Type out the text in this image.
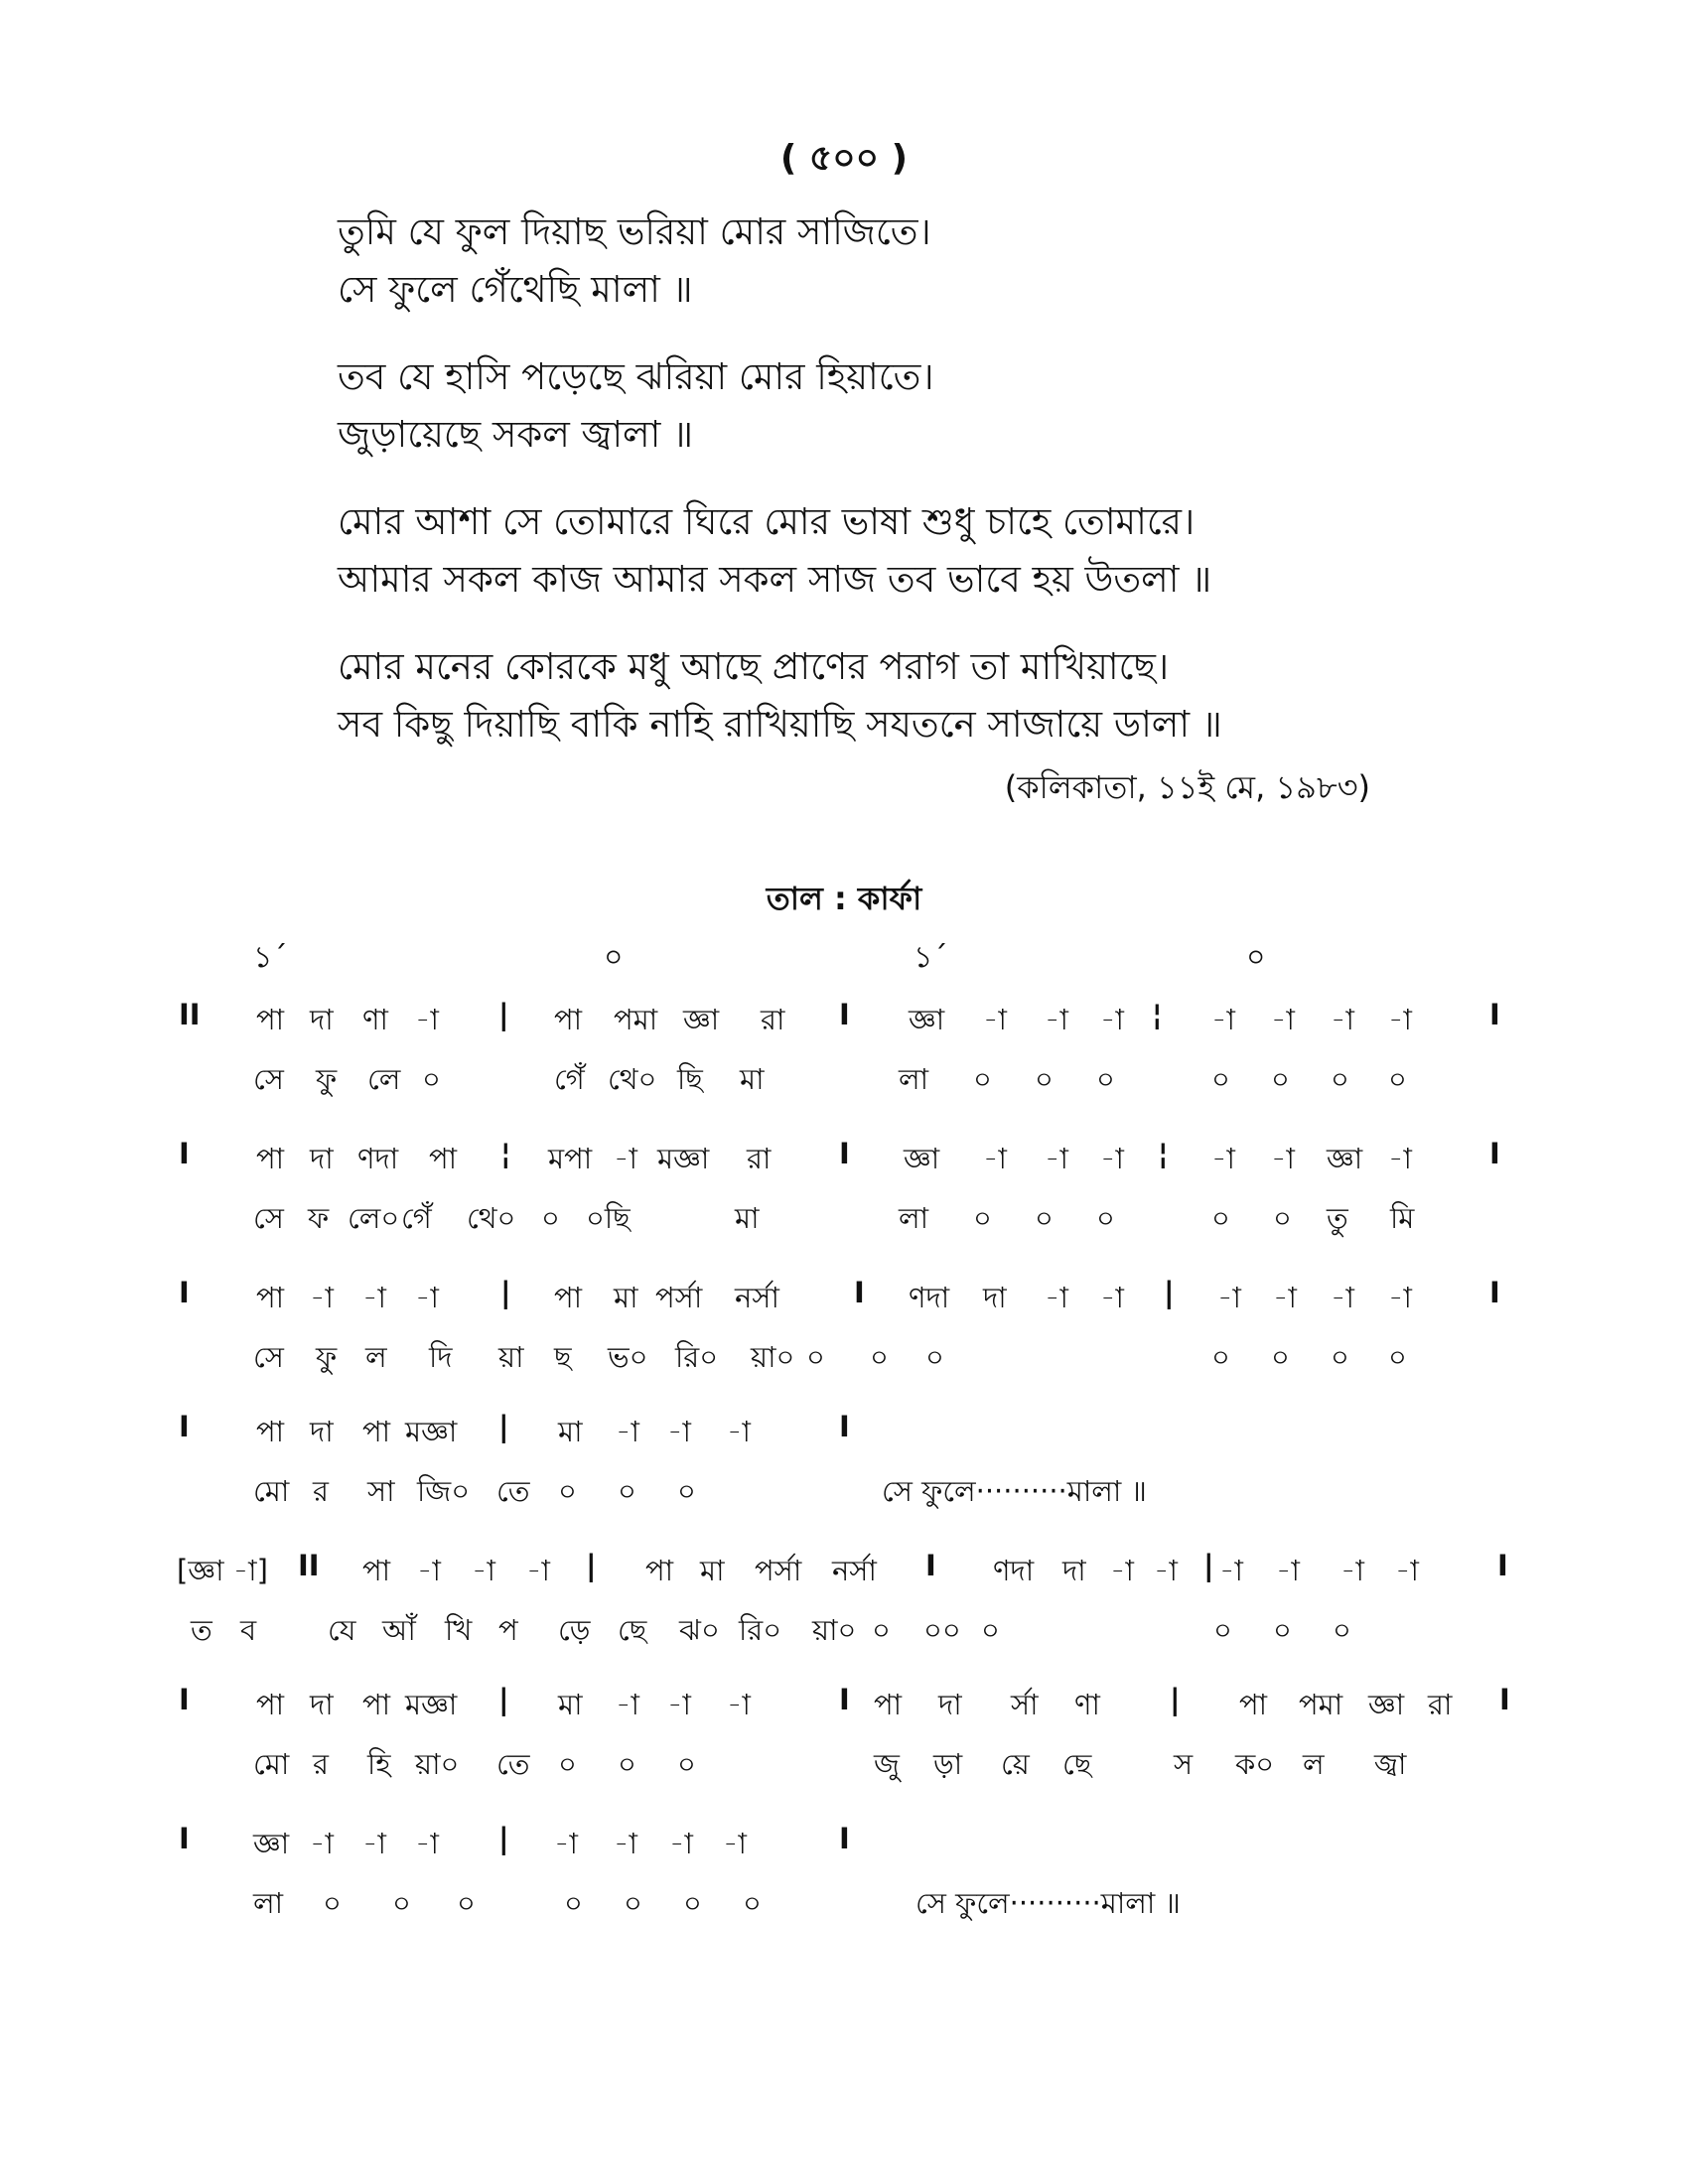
( ৫০০ )
তুমি যে ফুল দিয়াছ ভরিয়া মোর সাজিতে।
সে ফুলে গেঁথেছি মালা ॥
তব যে হাসি পড়েছে ঝরিয়া মোর হিয়াতে।
জুড়ায়েছে সকল জ্বালা ॥
মোর আশা সে তোমারে ঘিরে মোর ভাষা শুধু চাহে তোমারে।
আমার সকল কাজ আমার সকল সাজ তব ভাবে হয় উতলা ॥
মোর মনের কোরকে মধু আছে প্রাণের পরাগ তা মাখিয়াছে।
সব কিছু দিয়াছি বাকি নাহি রাখিয়াছি সযতনে সাজায়ে ডালা ॥
(কলিকাতা, ১১ই মে, ১৯৮৩)
তাল : কার্ফা
১´	০	১´	০
II পা দা ণা -া | পা পমা জ্ঞা রা I জ্ঞা -া -া -া ¦ -া -া -া -া	I
সে ফু লে ০	গেঁ থে০ ছি মা	লা ০ ০ ০	০ ০ ০ ০
I পা দা ণদা পা ¦ মপা -া মজ্ঞা রা I জ্ঞা -া -া -া ¦ -া -া জ্ঞা -া	I
সে ফ লে০ গেঁ থে০ ০ ০ছি	মা	লা ০ ০ ০	০ ০ তু মি
I পা -া -া -া | পা মা পর্সা নর্সা	I ণদা দা -া -া | -া -া -া -া	I
সে ফু ল দি য়া ছ ভ০ রি০ য়া০ ০ ০ ০	০ ০ ০ ০
I পা দা পা মজ্ঞা | মা -া -া -া	I
মো র সা জি০ তে ০ ০ ০	সে ফুলে··········মালা ॥
[জ্ঞা -া] II পা -া -া -া | পা মা পর্সা নর্সা I ণদা দা -া -া | -া -া -া -া	I
ত ব যে আঁ খি প ড়ে ছে ঝ০ রি০ য়া০ ০ ০০ ০	০ ০ ০
I পা দা পা মজ্ঞা | মা -া -া -া	I পা দা র্সা ণা | পা পমা জ্ঞা রা I
মো র হি য়া০ তে ০ ০ ০	জু ড়া য়ে ছে	স ক০ ল জ্বা
I জ্ঞা -া -া -া | -া -া -া -া	I
লা ০ ০ ০	০ ০ ০ ০	সে ফুলে··········মালা ॥
